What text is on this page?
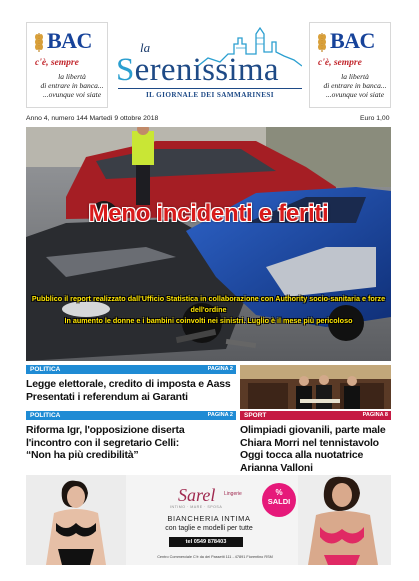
BAC
c'è, sempre
la libertà
di entrare in banca...
...ovunque voi siate
BAC
c'è, sempre
la libertà
di entrare in banca...
...ovunque voi siate
la
Serenissima
IL GIORNALE DEI SAMMARINESI
Anno 4, numero 144 Martedì 9 ottobre 2018	Euro 1,00
Meno incidenti e feriti
Pubblico il report realizzato dall'Ufficio Statistica in collaborazione con Authority socio-sanitaria e forze dell'ordine
In aumento le donne e i bambini coinvolti nei sinistri. Luglio è il mese più pericoloso
POLITICA	PAGINA 2
Legge elettorale, credito di imposta e Aass
Presentati i referendum ai Garanti
POLITICA	PAGINA 2
Riforma Igr, l'opposizione diserta
l'incontro con il segretario Celli:
“Non ha più credibilità”
SPORT	PAGINA 8
Olimpiadi giovanili, parte male
Chiara Morri nel tennistavolo
Oggi tocca alla nuotatrice Arianna Valloni
Sarel Lingerie
INTIMO · MARE · SPOSA
BIANCHERIA INTIMA
con taglie e modelli per tutte
tel 0549 878403
Centro Commerciale C'è da dei Passetti 111 - 47891 Fiorentino RSM
%
SALDI
